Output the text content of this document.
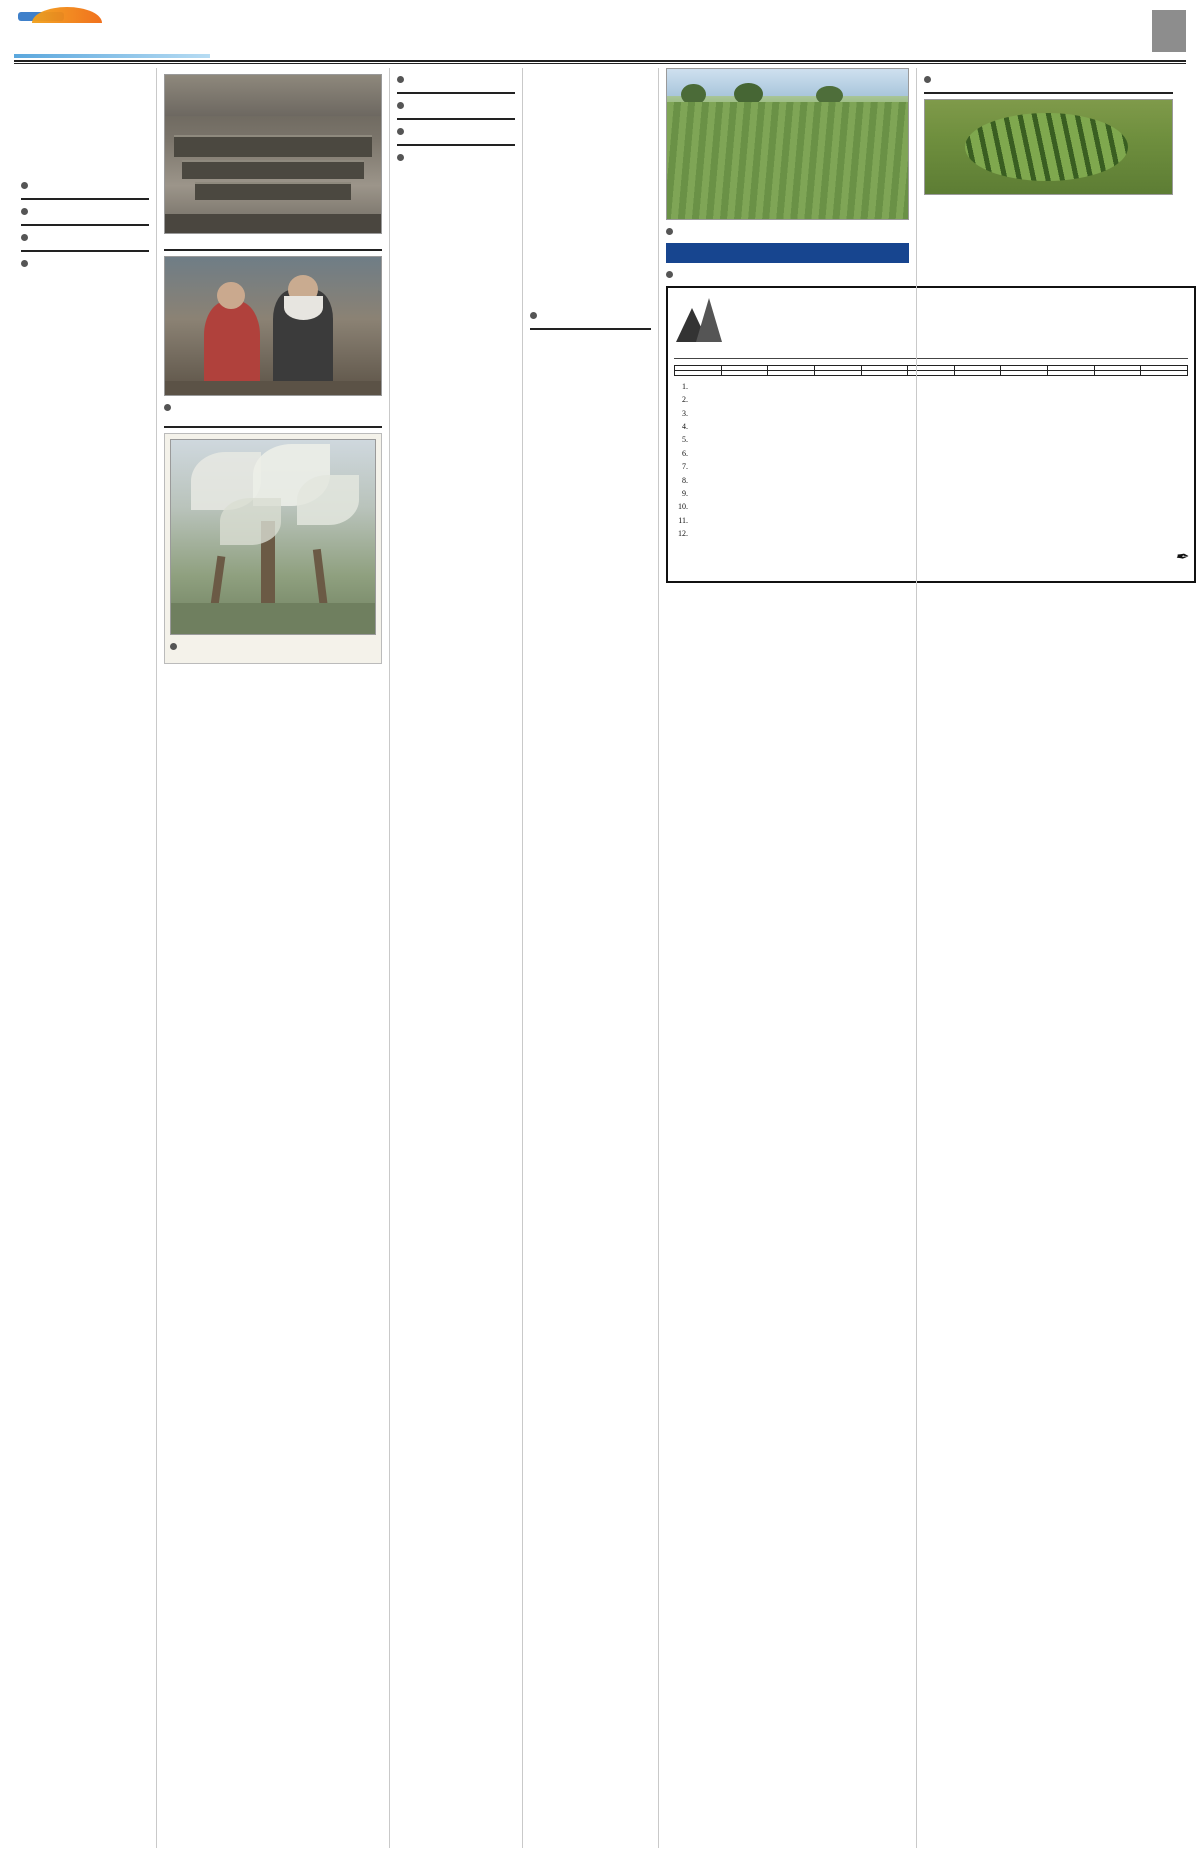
1.
2.
3.
4.
5.
6.
7.
8.
9.
10.
11.
12.
✒
